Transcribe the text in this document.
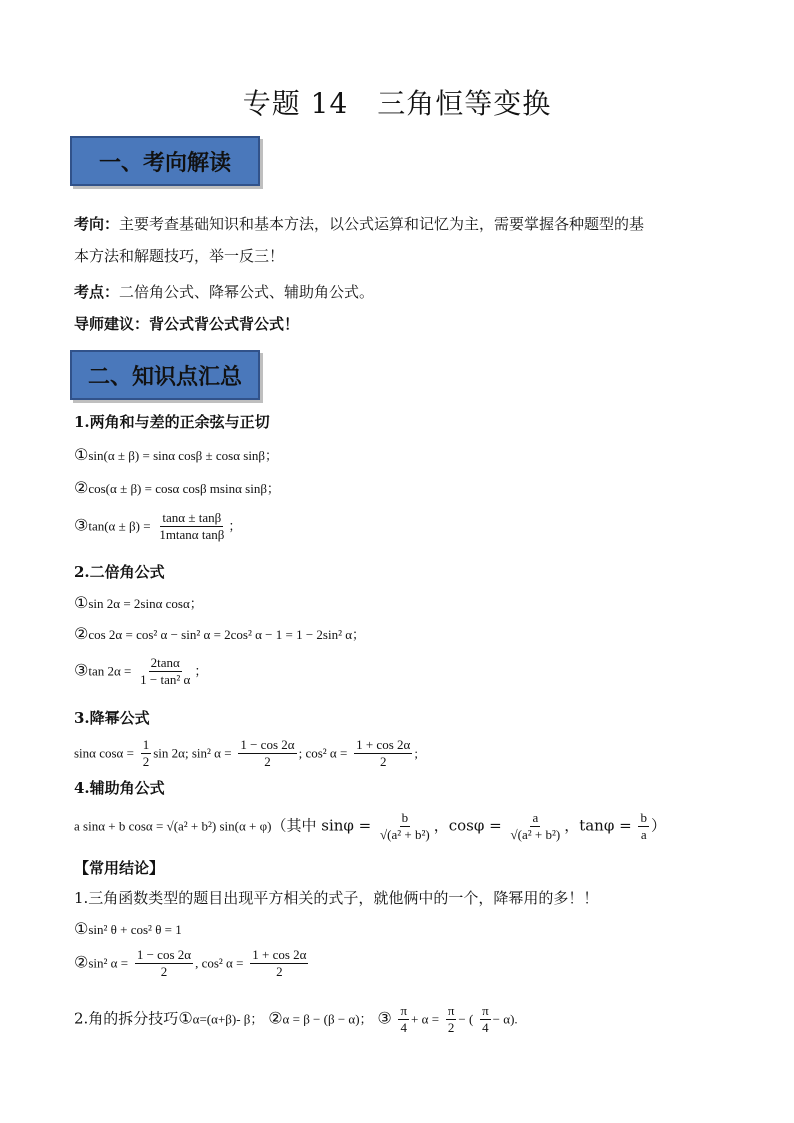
专题 14　三角恒等变换
一、考向解读
考向：主要考查基础知识和基本方法，以公式运算和记忆为主，需要掌握各种题型的基
本方法和解题技巧，举一反三！
考点：二倍角公式、降幂公式、辅助角公式。
导师建议：背公式背公式背公式！
二、知识点汇总
1.两角和与差的正余弦与正切
①sin(α ± β) = sinα cosβ ± cosα sinβ；
②cos(α ± β) = cosα cosβ msinα sinβ；
③tan(α ± $\beta) = \frac{\tan\alpha \pm \tan\beta}{\text{1mtanα tanβ}}$ ；
2.二倍角公式
①sin 2α = 2sinα cosα；
②cos 2α = cos² α − sin² α = 2cos² α − 1 = 1 − 2sin² α；
③tan $2\alpha = \frac{2\tan\alpha}{\text{1 − tan² α}}$ ；
3.降幂公式
sinα $\cos\alpha = \frac{1}{2}$ sin 2α; sin² $\alpha = \frac{1 - \cos 2\alpha}{2}$ ; cos² $\alpha = \frac{1 + \cos 2\alpha}{2}$ ;
4.辅助角公式
a sinα + b cosα = √(a² + b²) sin(α + φ)（其中 $\sin\varphi = \frac{b}{\text{√(a² + b²)}}$ ，$\cos\varphi = \frac{a}{\text{√(a² + b²)}}$ ，$\tan\varphi = \frac{b}{a}$ ）
【常用结论】
1.三角函数类型的题目出现平方相关的式子，就他俩中的一个，降幂用的多！！
①sin² θ + cos² θ = 1
②sin² $\alpha = \frac{1 - \cos 2\alpha}{2}$ , cos² $\alpha = \frac{1 + \cos 2\alpha}{2}$
2.角的拆分技巧①α=(α+β)- β； ②α = β − (β − α)； ③ $\frac{\pi}{4} + \alpha = \frac{\pi}{2}$ − ( $\frac{\pi}{4} - \alpha$).
